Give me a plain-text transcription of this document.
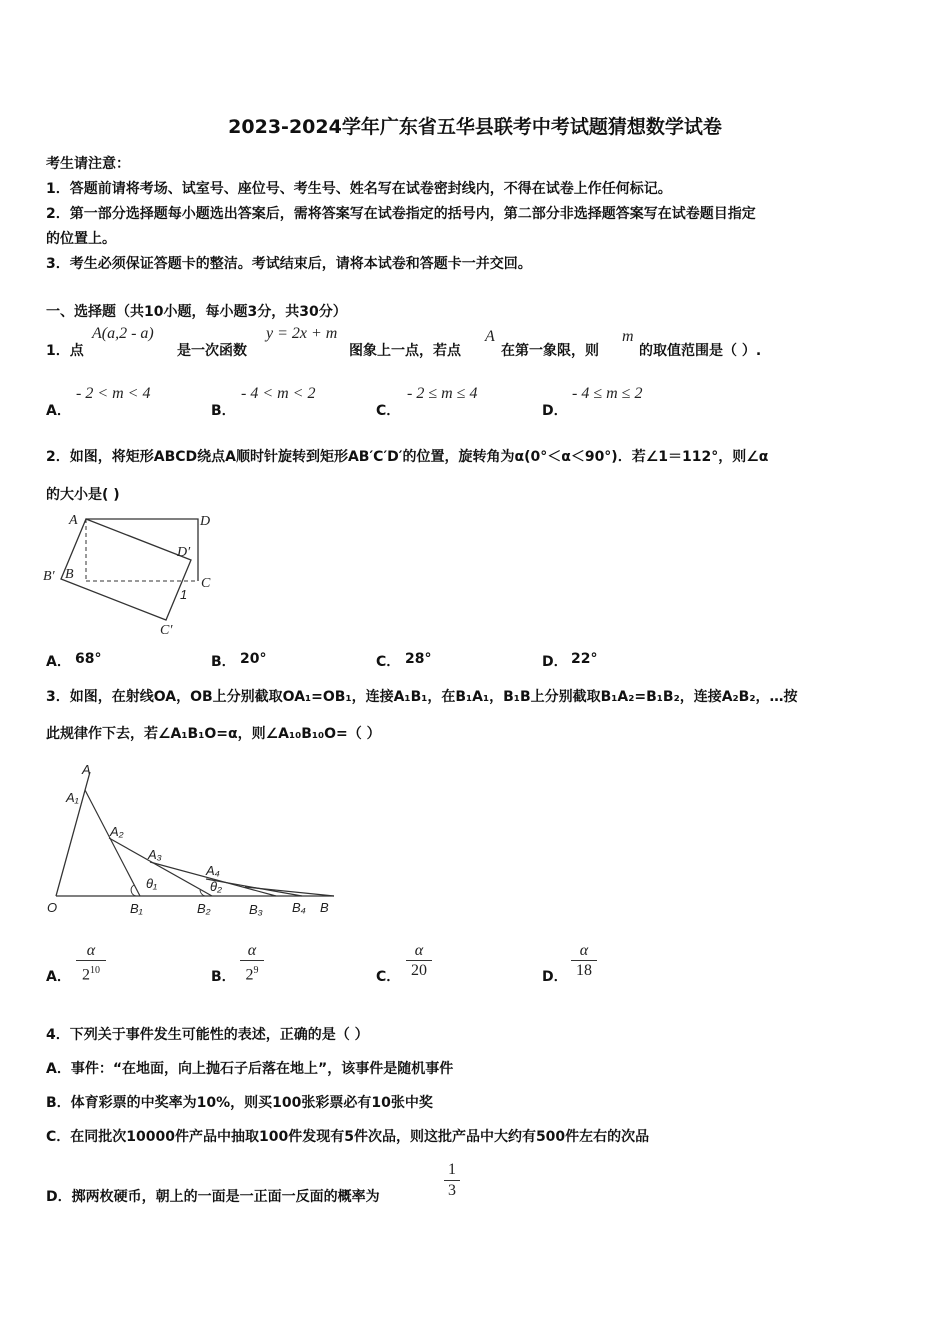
2023-2024学年广东省五华县联考中考试题猜想数学试卷
考生请注意：
1．答题前请将考场、试室号、座位号、考生号、姓名写在试卷密封线内，不得在试卷上作任何标记。
2．第一部分选择题每小题选出答案后，需将答案写在试卷指定的括号内，第二部分非选择题答案写在试卷题目指定
的位置上。
3．考生必须保证答题卡的整洁。考试结束后，请将本试卷和答题卡一并交回。
一、选择题（共10小题，每小题3分，共30分）
1．点
A(a,2 - a)
是一次函数
y = 2x + m
图象上一点，若点
A
在第一象限，则
m
的取值范围是（ ）.
A．
- 2 < m < 4
B．
- 4 < m < 2
C．
- 2 ≤ m ≤ 4
D．
- 4 ≤ m ≤ 2
2．如图，将矩形ABCD绕点A顺时针旋转到矩形AB′C′D′的位置，旋转角为α(0°＜α＜90°)．若∠1＝112°，则∠α
的大小是( )
A	D
D′
B′ B
C
1
C′
A． 68°	B． 20°	C． 28°	D． 22°
3．如图，在射线OA，OB上分别截取OA₁=OB₁，连接A₁B₁，在B₁A₁，B₁B上分别截取B₁A₂=B₁B₂，连接A₂B₂，…按
此规律作下去，若∠A₁B₁O=α，则∠A₁₀B₁₀O=（ ）
A
A₁
A₂
A₃
A₄
θ₁	θ₂
O	B₁	B₂	B₃ B₄ B
A．
α
$2^{10}$	B．
α
$2^9$	C．
α
20	D．
α
18
4．下列关于事件发生可能性的表述，正确的是（ ）
A．事件：“在地面，向上抛石子后落在地上”，该事件是随机事件
B．体育彩票的中奖率为10%，则买100张彩票必有10张中奖
C．在同批次10000件产品中抽取100件发现有5件次品，则这批产品中大约有500件左右的次品
D．掷两枚硬币，朝上的一面是一正面一反面的概率为
1
3
